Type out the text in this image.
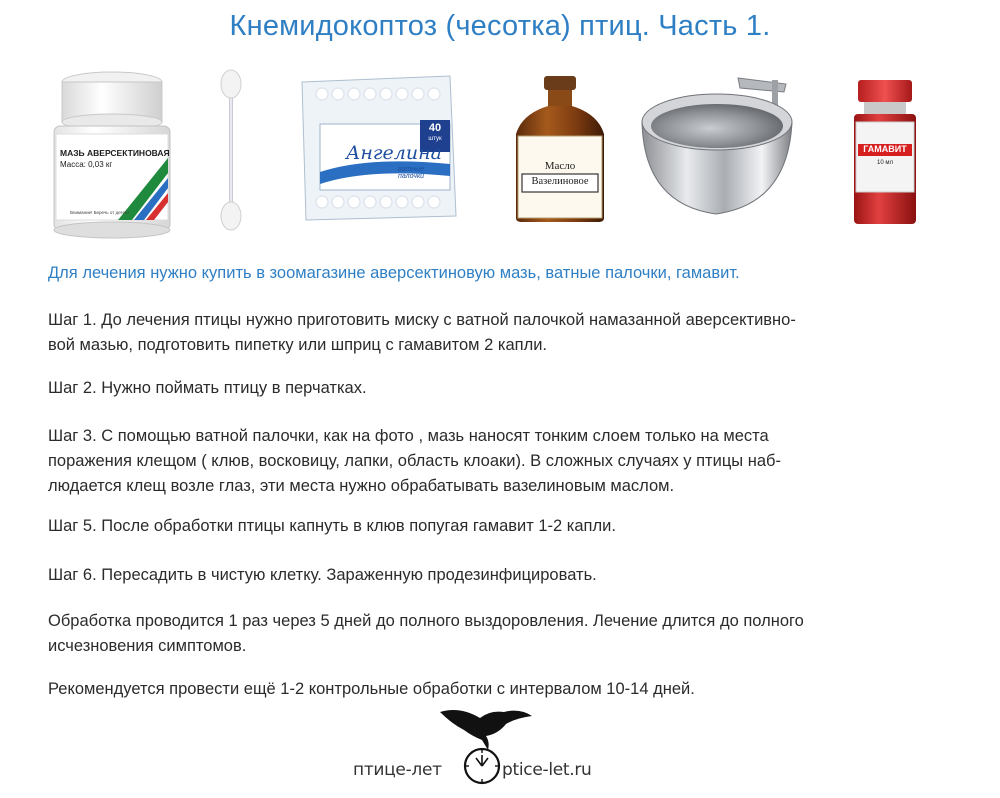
Кнемидокоптоз (чесотка) птиц. Часть 1.
МАЗЬ АВЕРСЕКТИНОВАЯ
Масса: 0,03 кг
Внимание! Беречь от детей!
Ангелина
40
штук
ватные палочки
Масло
Вазелиновое
ГАМАВИТ
10 мл
Для лечения нужно купить в зоомагазине аверсектиновую мазь, ватные палочки, гамавит.
Шаг 1. До лечения птицы нужно приготовить миску с ватной палочкой намазанной аверсективно-
вой мазью, подготовить пипетку или шприц с гамавитом 2 капли.
Шаг 2. Нужно поймать птицу в перчатках.
Шаг 3. С помощью ватной палочки, как на фото , мазь наносят тонким слоем только на места
поражения клещом ( клюв, восковицу, лапки, область клоаки). В сложных случаях у птицы наб-
людается клещ возле глаз, эти места нужно обрабатывать вазелиновым маслом.
Шаг 5. После обработки птицы капнуть в клюв попугая гамавит 1-2 капли.
Шаг 6. Пересадить в чистую клетку. Зараженную продезинфицировать.
Обработка проводится 1 раз через 5 дней до полного выздоровления. Лечение длится до полного
исчезновения симптомов.
Рекомендуется провести ещё 1-2 контрольные обработки с интервалом 10-14 дней.
птице-лет	ptice-let.ru
